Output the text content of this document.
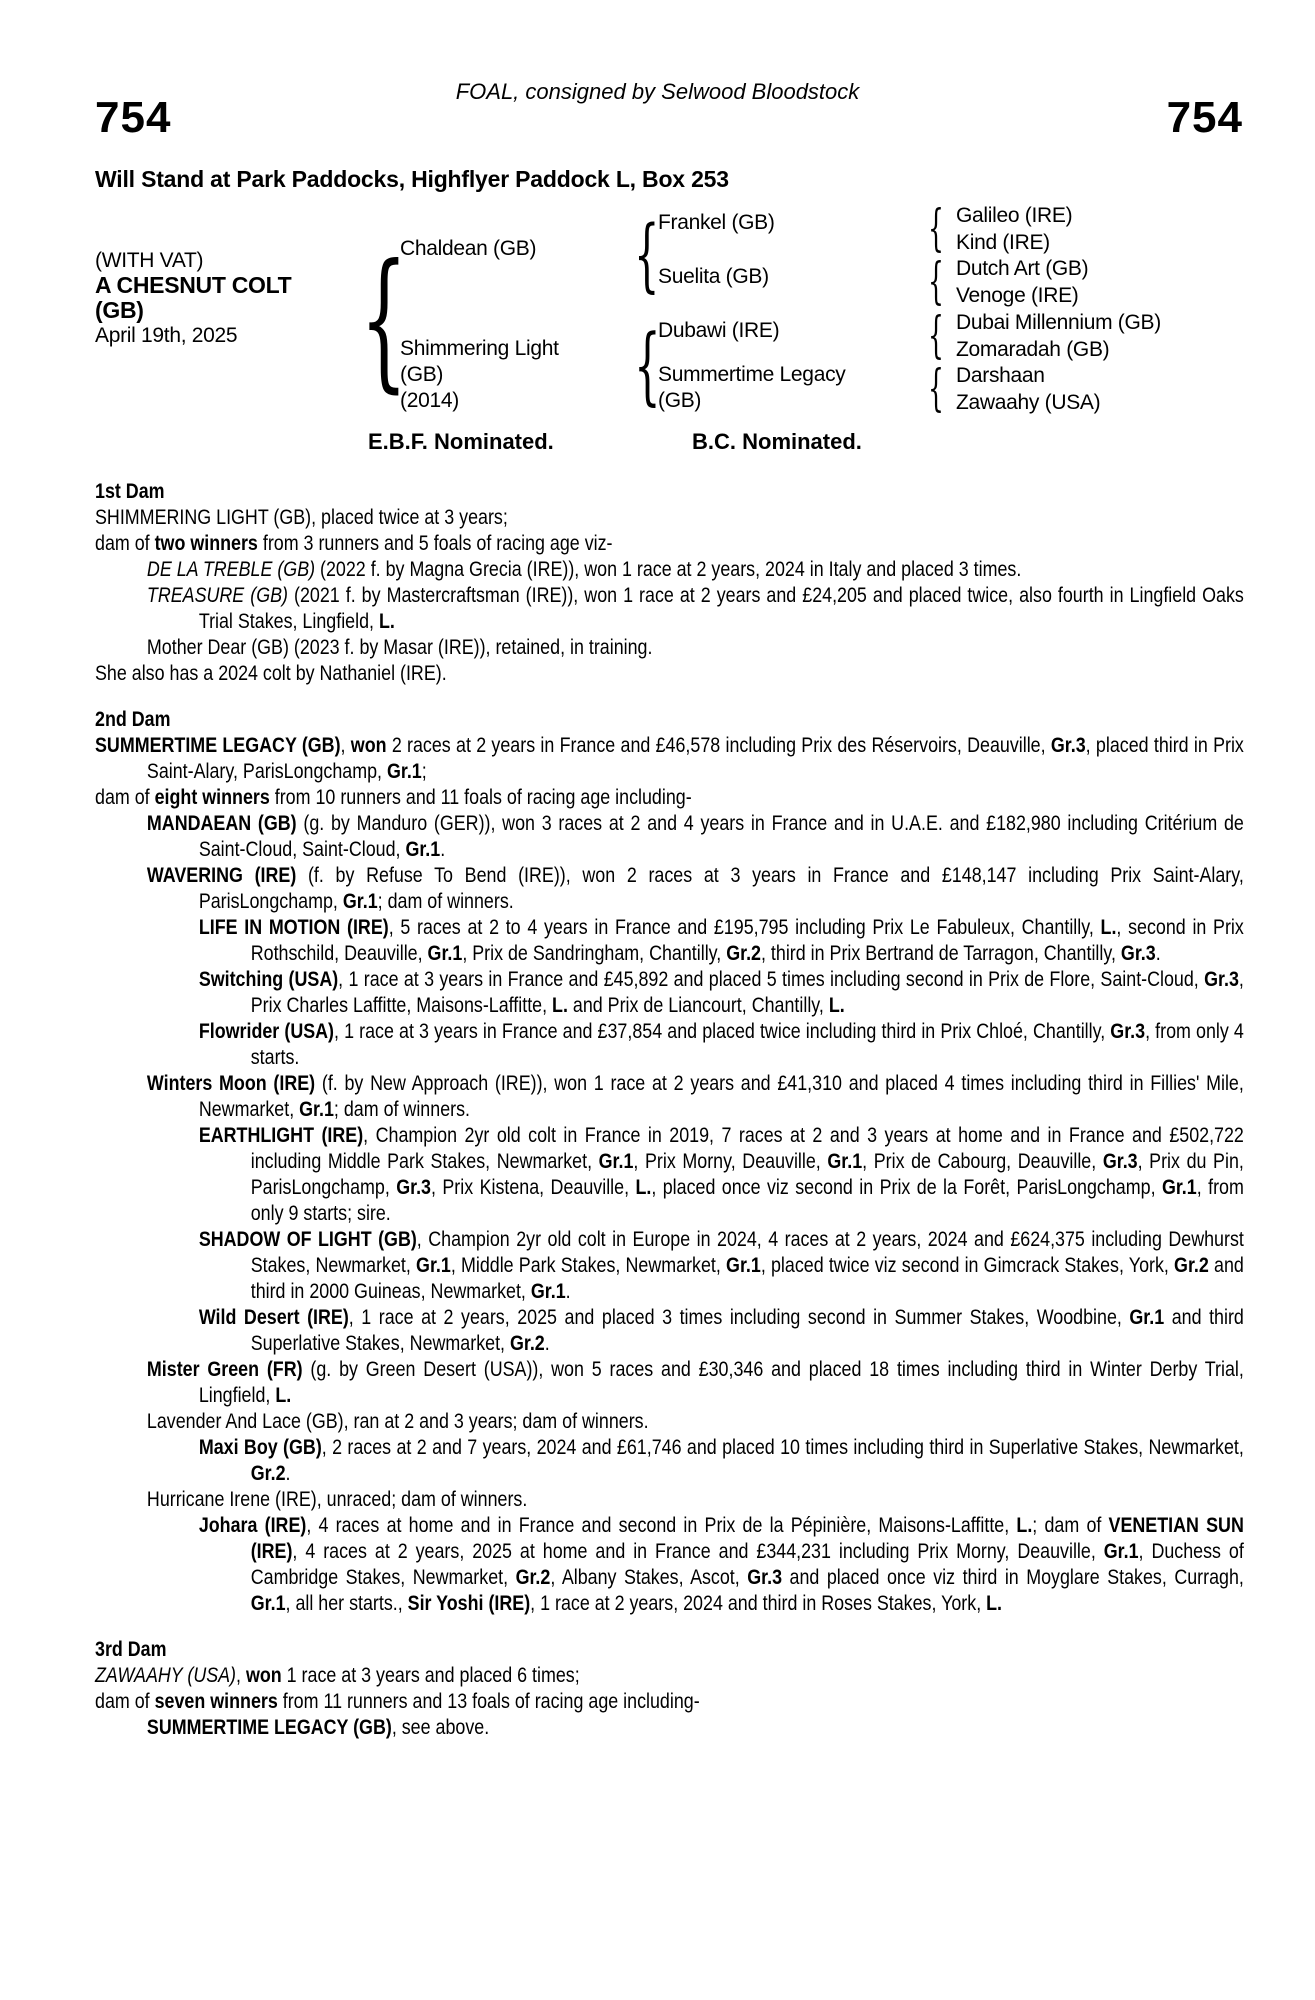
FOAL, consigned by Selwood Bloodstock
754	754
Will Stand at Park Paddocks, Highflyer Paddock L, Box 253
(WITH VAT)
A CHESNUT COLT
(GB)
April 19th, 2025
{
Chaldean (GB)
Shimmering Light
(GB)
(2014)
{
{
Frankel (GB)
Suelita (GB)
Dubawi (IRE)
Summertime Legacy
(GB)
{
{
{
{
Galileo (IRE)
Kind (IRE)
Dutch Art (GB)
Venoge (IRE)
Dubai Millennium (GB)
Zomaradah (GB)
Darshaan
Zawaahy (USA)
E.B.F. Nominated.	B.C. Nominated.
1st Dam

SHIMMERING LIGHT (GB), placed twice at 3 years;

dam of two winners from 3 runners and 5 foals of racing age viz-

DE LA TREBLE (GB) (2022 f. by Magna Grecia (IRE)), won 1 race at 2 years, 2024 in Italy and placed 3 times.

TREASURE (GB) (2021 f. by Mastercraftsman (IRE)), won 1 race at 2 years and £24,205 and placed twice, also fourth in Lingfield Oaks Trial Stakes, Lingfield, L.

Mother Dear (GB) (2023 f. by Masar (IRE)), retained, in training.

She also has a 2024 colt by Nathaniel (IRE).

2nd Dam

SUMMERTIME LEGACY (GB), won 2 races at 2 years in France and £46,578 including Prix des Réservoirs, Deauville, Gr.3, placed third in Prix Saint-Alary, ParisLongchamp, Gr.1;

dam of eight winners from 10 runners and 11 foals of racing age including-

MANDAEAN (GB) (g. by Manduro (GER)), won 3 races at 2 and 4 years in France and in U.A.E. and £182,980 including Critérium de Saint-Cloud, Saint-Cloud, Gr.1.

WAVERING (IRE) (f. by Refuse To Bend (IRE)), won 2 races at 3 years in France and £148,147 including Prix Saint-Alary, ParisLongchamp, Gr.1; dam of winners.

LIFE IN MOTION (IRE), 5 races at 2 to 4 years in France and £195,795 including Prix Le Fabuleux, Chantilly, L., second in Prix Rothschild, Deauville, Gr.1, Prix de Sandringham, Chantilly, Gr.2, third in Prix Bertrand de Tarragon, Chantilly, Gr.3.

Switching (USA), 1 race at 3 years in France and £45,892 and placed 5 times including second in Prix de Flore, Saint-Cloud, Gr.3, Prix Charles Laffitte, Maisons-Laffitte, L. and Prix de Liancourt, Chantilly, L.

Flowrider (USA), 1 race at 3 years in France and £37,854 and placed twice including third in Prix Chloé, Chantilly, Gr.3, from only 4 starts.

Winters Moon (IRE) (f. by New Approach (IRE)), won 1 race at 2 years and £41,310 and placed 4 times including third in Fillies' Mile, Newmarket, Gr.1; dam of winners.

EARTHLIGHT (IRE), Champion 2yr old colt in France in 2019, 7 races at 2 and 3 years at home and in France and £502,722 including Middle Park Stakes, Newmarket, Gr.1, Prix Morny, Deauville, Gr.1, Prix de Cabourg, Deauville, Gr.3, Prix du Pin, ParisLongchamp, Gr.3, Prix Kistena, Deauville, L., placed once viz second in Prix de la Forêt, ParisLongchamp, Gr.1, from only 9 starts; sire.

SHADOW OF LIGHT (GB), Champion 2yr old colt in Europe in 2024, 4 races at 2 years, 2024 and £624,375 including Dewhurst Stakes, Newmarket, Gr.1, Middle Park Stakes, Newmarket, Gr.1, placed twice viz second in Gimcrack Stakes, York, Gr.2 and third in 2000 Guineas, Newmarket, Gr.1.

Wild Desert (IRE), 1 race at 2 years, 2025 and placed 3 times including second in Summer Stakes, Woodbine, Gr.1 and third Superlative Stakes, Newmarket, Gr.2.

Mister Green (FR) (g. by Green Desert (USA)), won 5 races and £30,346 and placed 18 times including third in Winter Derby Trial, Lingfield, L.

Lavender And Lace (GB), ran at 2 and 3 years; dam of winners.

Maxi Boy (GB), 2 races at 2 and 7 years, 2024 and £61,746 and placed 10 times including third in Superlative Stakes, Newmarket, Gr.2.

Hurricane Irene (IRE), unraced; dam of winners.

Johara (IRE), 4 races at home and in France and second in Prix de la Pépinière, Maisons-Laffitte, L.; dam of VENETIAN SUN (IRE), 4 races at 2 years, 2025 at home and in France and £344,231 including Prix Morny, Deauville, Gr.1, Duchess of Cambridge Stakes, Newmarket, Gr.2, Albany Stakes, Ascot, Gr.3 and placed once viz third in Moyglare Stakes, Curragh, Gr.1, all her starts., Sir Yoshi (IRE), 1 race at 2 years, 2024 and third in Roses Stakes, York, L.

3rd Dam

ZAWAAHY (USA), won 1 race at 3 years and placed 6 times;

dam of seven winners from 11 runners and 13 foals of racing age including-

SUMMERTIME LEGACY (GB), see above.
